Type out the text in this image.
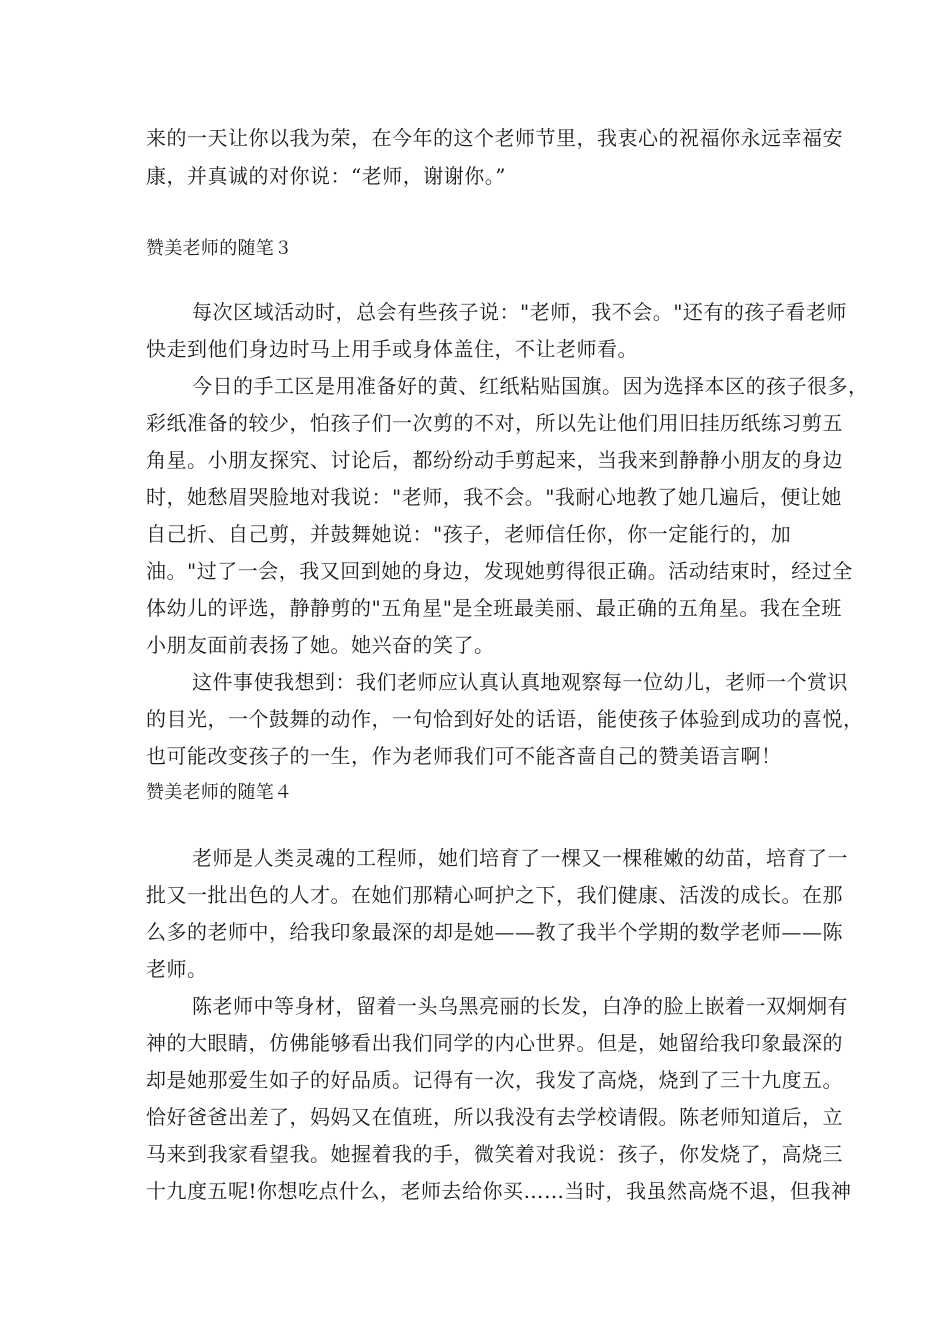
来的一天让你以我为荣，在今年的这个老师节里，我衷心的祝福你永远幸福安
康，并真诚的对你说：“老师，谢谢你。”
赞美老师的随笔３
每次区域活动时，总会有些孩子说："老师，我不会。"还有的孩子看老师
快走到他们身边时马上用手或身体盖住，不让老师看。
今日的手工区是用准备好的黄、红纸粘贴国旗。因为选择本区的孩子很多，
彩纸准备的较少，怕孩子们一次剪的不对，所以先让他们用旧挂历纸练习剪五
角星。小朋友探究、讨论后，都纷纷动手剪起来，当我来到静静小朋友的身边
时，她愁眉哭脸地对我说："老师，我不会。"我耐心地教了她几遍后，便让她
自己折、自己剪，并鼓舞她说："孩子，老师信任你，你一定能行的，加
油。"过了一会，我又回到她的身边，发现她剪得很正确。活动结束时，经过全
体幼儿的评选，静静剪的"五角星"是全班最美丽、最正确的五角星。我在全班
小朋友面前表扬了她。她兴奋的笑了。
这件事使我想到：我们老师应认真认真地观察每一位幼儿，老师一个赏识
的目光，一个鼓舞的动作，一句恰到好处的话语，能使孩子体验到成功的喜悦，
也可能改变孩子的一生，作为老师我们可不能吝啬自己的赞美语言啊！
赞美老师的随笔４
老师是人类灵魂的工程师，她们培育了一棵又一棵稚嫩的幼苗，培育了一
批又一批出色的人才。在她们那精心呵护之下，我们健康、活泼的成长。在那
么多的老师中，给我印象最深的却是她——教了我半个学期的数学老师——陈
老师。
陈老师中等身材，留着一头乌黑亮丽的长发，白净的脸上嵌着一双炯炯有
神的大眼睛，仿佛能够看出我们同学的内心世界。但是，她留给我印象最深的
却是她那爱生如子的好品质。记得有一次，我发了高烧，烧到了三十九度五。
恰好爸爸出差了，妈妈又在值班，所以我没有去学校请假。陈老师知道后，立
马来到我家看望我。她握着我的手，微笑着对我说：孩子，你发烧了，高烧三
十九度五呢!你想吃点什么，老师去给你买……当时，我虽然高烧不退，但我神
